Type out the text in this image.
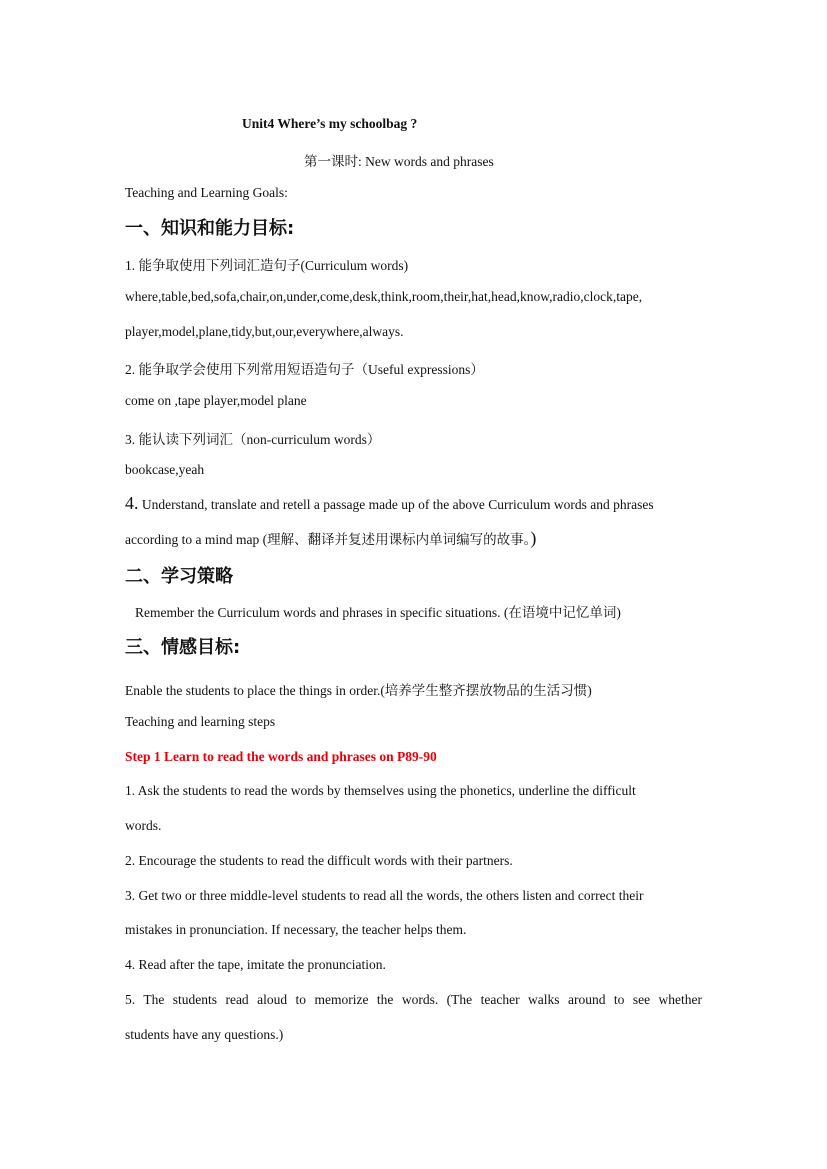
Unit4 Where’s my schoolbag ?
第一课时: New words and phrases
Teaching and Learning Goals:
一、知识和能力目标:
1. 能争取使用下列词汇造句子(Curriculum words)
where,table,bed,sofa,chair,on,under,come,desk,think,room,their,hat,head,know,radio,clock,tape,
player,model,plane,tidy,but,our,everywhere,always.
2. 能争取学会使用下列常用短语造句子（Useful expressions）
come on ,tape player,model plane
3. 能认读下列词汇（non-curriculum words）
bookcase,yeah
4. Understand, translate and retell a passage made up of the above Curriculum words and phrases
according to a mind map (理解、翻译并复述用课标内单词编写的故事。)
二、学习策略
Remember the Curriculum words and phrases in specific situations. (在语境中记忆单词)
三、情感目标:
Enable the students to place the things in order.(培养学生整齐摆放物品的生活习惯)
Teaching and learning steps
Step 1 Learn to read the words and phrases on P89-90
1. Ask the students to read the words by themselves using the phonetics, underline the difficult
words.
2. Encourage the students to read the difficult words with their partners.
3. Get two or three middle-level students to read all the words, the others listen and correct their
mistakes in pronunciation. If necessary, the teacher helps them.
4. Read after the tape, imitate the pronunciation.
5. The students read aloud to memorize the words. (The teacher walks around to see whether
students have any questions.)
